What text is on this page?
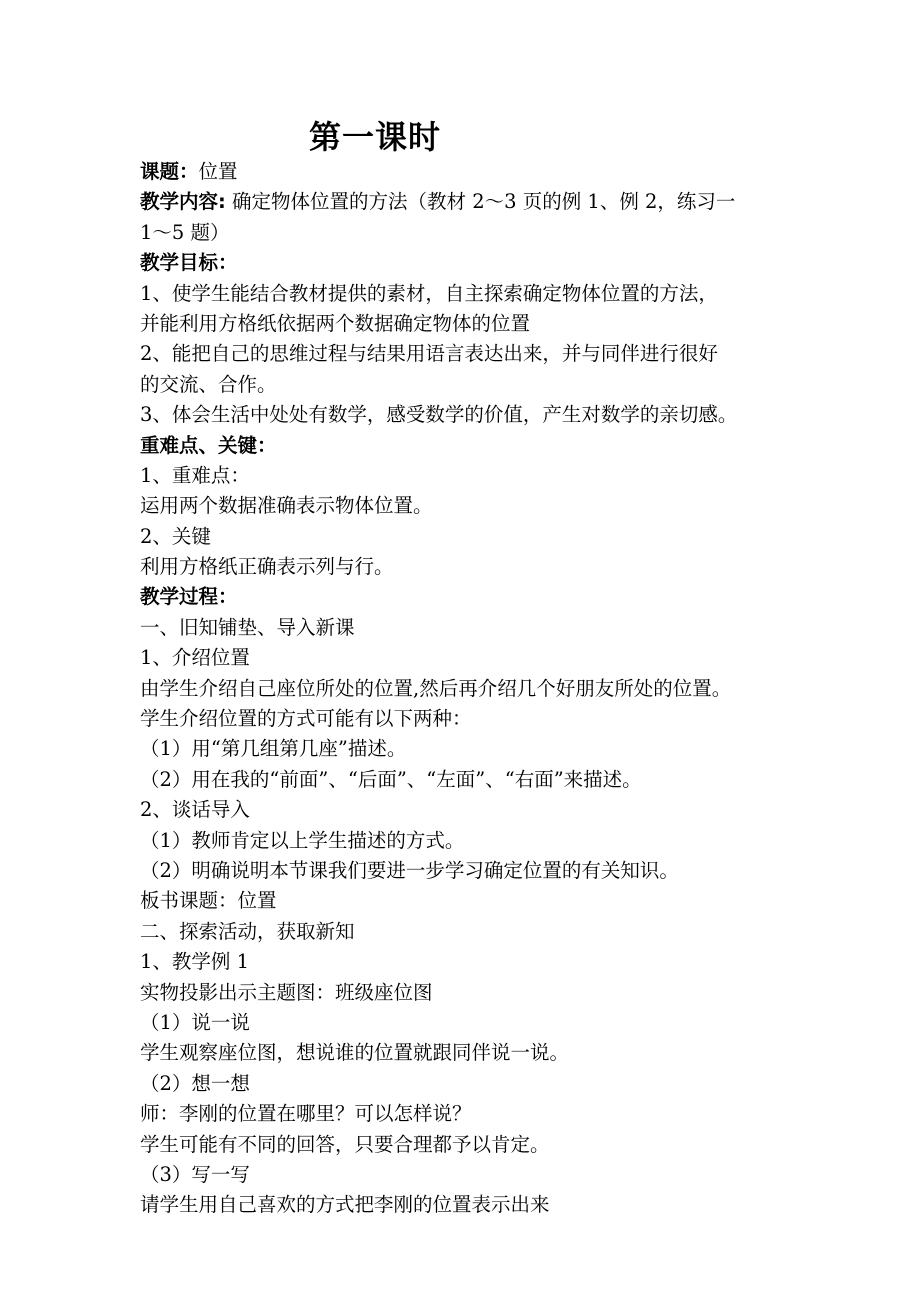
第一课时
课题：位置
教学内容: 确定物体位置的方法（教材 2～3 页的例 1、例 2，练习一
1～5 题）
教学目标：
1、使学生能结合教材提供的素材，自主探索确定物体位置的方法，
并能利用方格纸依据两个数据确定物体的位置
2、能把自己的思维过程与结果用语言表达出来，并与同伴进行很好
的交流、合作。
3、体会生活中处处有数学，感受数学的价值，产生对数学的亲切感。
重难点、关键：
1、重难点：
运用两个数据准确表示物体位置。
2、关键
利用方格纸正确表示列与行。
教学过程：
一、旧知铺垫、导入新课
1、介绍位置
由学生介绍自己座位所处的位置,然后再介绍几个好朋友所处的位置。
学生介绍位置的方式可能有以下两种：
（1）用“第几组第几座”描述。
（2）用在我的“前面”、“后面”、“左面”、“右面”来描述。
2、谈话导入
（1）教师肯定以上学生描述的方式。
（2）明确说明本节课我们要进一步学习确定位置的有关知识。
板书课题：位置
二、探索活动，获取新知
1、教学例 1
实物投影出示主题图：班级座位图
（1）说一说
学生观察座位图，想说谁的位置就跟同伴说一说。
（2）想一想
师：李刚的位置在哪里？可以怎样说？
学生可能有不同的回答，只要合理都予以肯定。
（3）写一写
请学生用自己喜欢的方式把李刚的位置表示出来
